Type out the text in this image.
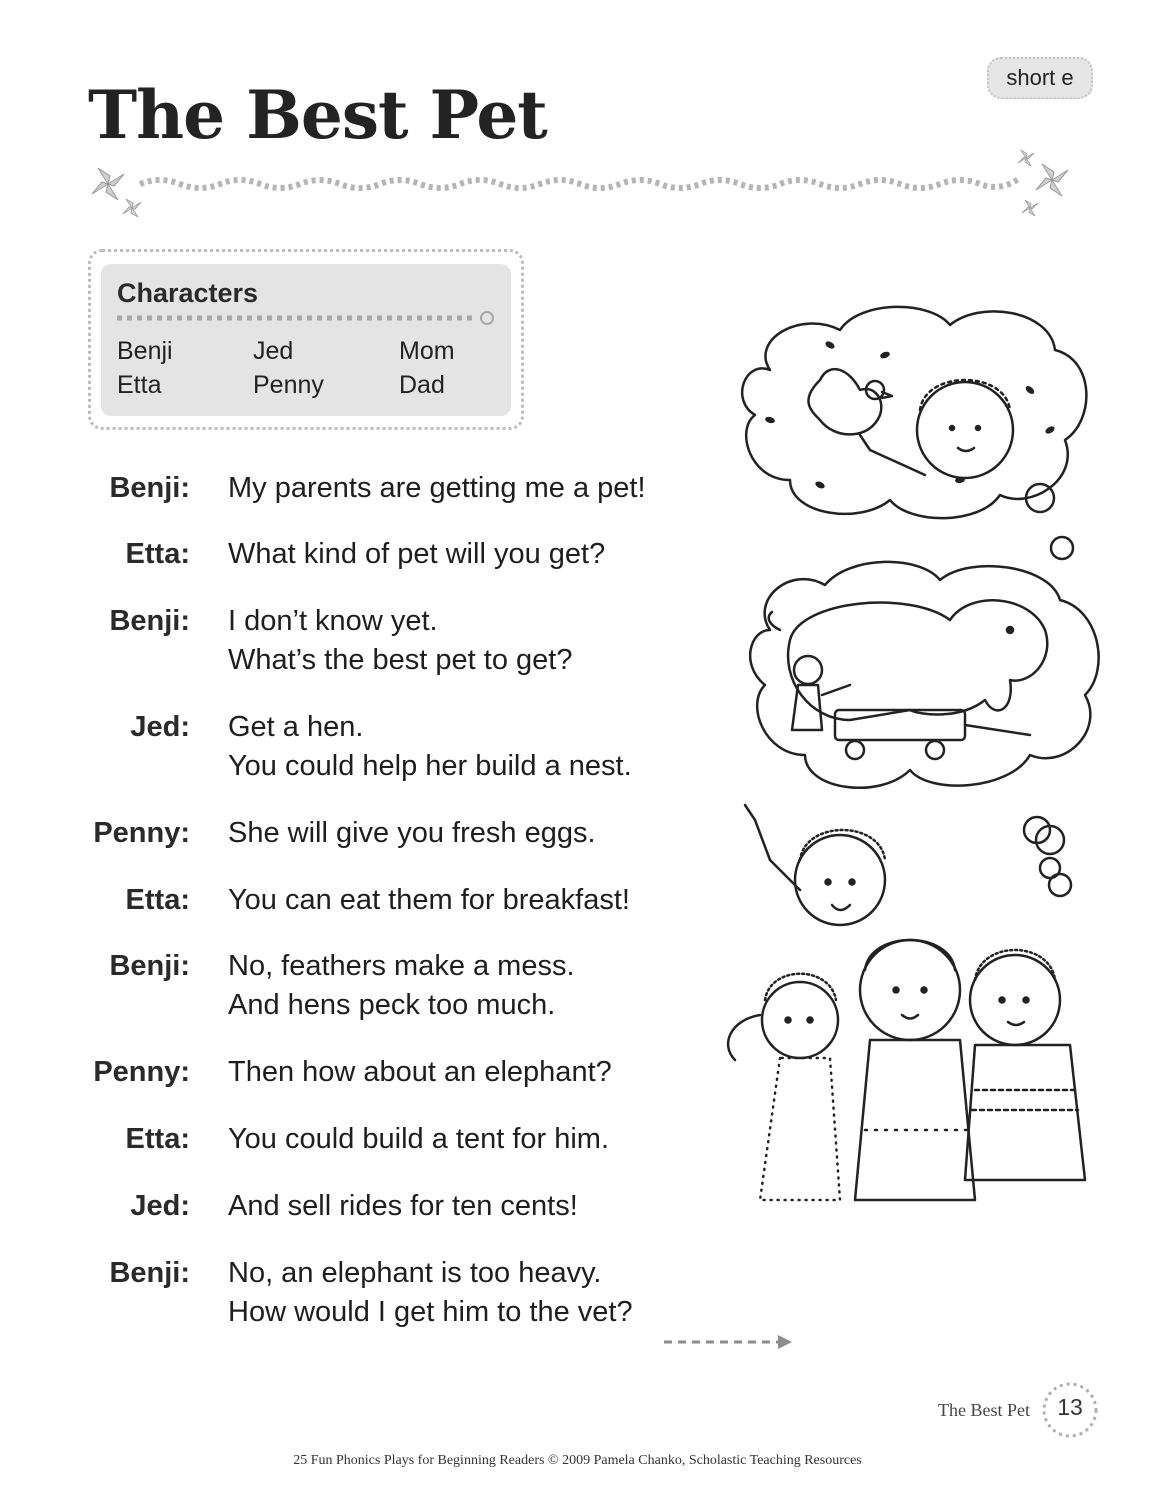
short e
The Best Pet
Characters
Benji	Jed	Mom
Etta	Penny	Dad
Benji: My parents are getting me a pet!
Etta: What kind of pet will you get?
Benji: I don’t know yet.
What’s the best pet to get?
Jed: Get a hen.
You could help her build a nest.
Penny: She will give you fresh eggs.
Etta: You can eat them for breakfast!
Benji: No, feathers make a mess.
And hens peck too much.
Penny: Then how about an elephant?
Etta: You could build a tent for him.
Jed: And sell rides for ten cents!
Benji: No, an elephant is too heavy.
How would I get him to the vet?
The Best Pet	13
25 Fun Phonics Plays for Beginning Readers © 2009 Pamela Chanko, Scholastic Teaching Resources
